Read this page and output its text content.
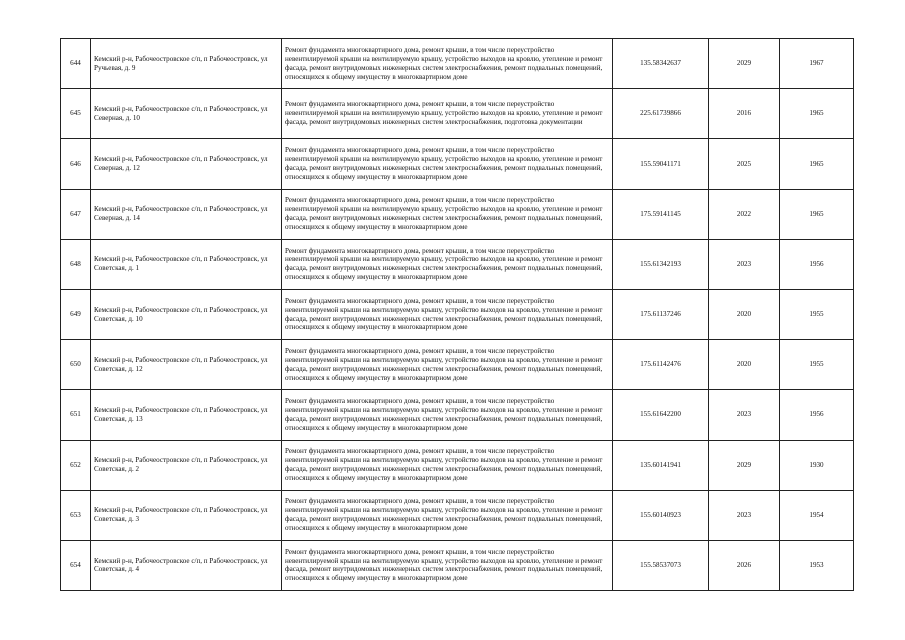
644	Кемский р-н, Рабочеостровское с/п, п Рабочеостровск, ул Ручьевая, д. 9	Ремонт фундамента многоквартирного дома, ремонт крыши, в том числе переустройство невентилируемой крыши на вентилируемую крышу, устройство выходов на кровлю, утепление и ремонт фасада, ремонт внутридомовых инженерных систем электроснабжения, ремонт подвальных помещений, относящихся к общему имуществу в многоквартирном доме	135.58342637	2029	1967
645	Кемский р-н, Рабочеостровское с/п, п Рабочеостровск, ул Северная, д. 10	Ремонт фундамента многоквартирного дома, ремонт крыши, в том числе переустройство невентилируемой крыши на вентилируемую крышу, устройство выходов на кровлю, утепление и ремонт фасада, ремонт внутридомовых инженерных систем электроснабжения, подготовка документации	225.61739866	2016	1965
646	Кемский р-н, Рабочеостровское с/п, п Рабочеостровск, ул Северная, д. 12	Ремонт фундамента многоквартирного дома, ремонт крыши, в том числе переустройство невентилируемой крыши на вентилируемую крышу, устройство выходов на кровлю, утепление и ремонт фасада, ремонт внутридомовых инженерных систем электроснабжения, ремонт подвальных помещений, относящихся к общему имуществу в многоквартирном доме	155.59041171	2025	1965
647	Кемский р-н, Рабочеостровское с/п, п Рабочеостровск, ул Северная, д. 14	Ремонт фундамента многоквартирного дома, ремонт крыши, в том числе переустройство невентилируемой крыши на вентилируемую крышу, устройство выходов на кровлю, утепление и ремонт фасада, ремонт внутридомовых инженерных систем электроснабжения, ремонт подвальных помещений, относящихся к общему имуществу в многоквартирном доме	175.59141145	2022	1965
648	Кемский р-н, Рабочеостровское с/п, п Рабочеостровск, ул Советская, д. 1	Ремонт фундамента многоквартирного дома, ремонт крыши, в том числе переустройство невентилируемой крыши на вентилируемую крышу, устройство выходов на кровлю, утепление и ремонт фасада, ремонт внутридомовых инженерных систем электроснабжения, ремонт подвальных помещений, относящихся к общему имуществу в многоквартирном доме	155.61342193	2023	1956
649	Кемский р-н, Рабочеостровское с/п, п Рабочеостровск, ул Советская, д. 10	Ремонт фундамента многоквартирного дома, ремонт крыши, в том числе переустройство невентилируемой крыши на вентилируемую крышу, устройство выходов на кровлю, утепление и ремонт фасада, ремонт внутридомовых инженерных систем электроснабжения, ремонт подвальных помещений, относящихся к общему имуществу в многоквартирном доме	175.61137246	2020	1955
650	Кемский р-н, Рабочеостровское с/п, п Рабочеостровск, ул Советская, д. 12	Ремонт фундамента многоквартирного дома, ремонт крыши, в том числе переустройство невентилируемой крыши на вентилируемую крышу, устройство выходов на кровлю, утепление и ремонт фасада, ремонт внутридомовых инженерных систем электроснабжения, ремонт подвальных помещений, относящихся к общему имуществу в многоквартирном доме	175.61142476	2020	1955
651	Кемский р-н, Рабочеостровское с/п, п Рабочеостровск, ул Советская, д. 13	Ремонт фундамента многоквартирного дома, ремонт крыши, в том числе переустройство невентилируемой крыши на вентилируемую крышу, устройство выходов на кровлю, утепление и ремонт фасада, ремонт внутридомовых инженерных систем электроснабжения, ремонт подвальных помещений, относящихся к общему имуществу в многоквартирном доме	155.61642200	2023	1956
652	Кемский р-н, Рабочеостровское с/п, п Рабочеостровск, ул Советская, д. 2	Ремонт фундамента многоквартирного дома, ремонт крыши, в том числе переустройство невентилируемой крыши на вентилируемую крышу, устройство выходов на кровлю, утепление и ремонт фасада, ремонт внутридомовых инженерных систем электроснабжения, ремонт подвальных помещений, относящихся к общему имуществу в многоквартирном доме	135.60141941	2029	1930
653	Кемский р-н, Рабочеостровское с/п, п Рабочеостровск, ул Советская, д. 3	Ремонт фундамента многоквартирного дома, ремонт крыши, в том числе переустройство невентилируемой крыши на вентилируемую крышу, устройство выходов на кровлю, утепление и ремонт фасада, ремонт внутридомовых инженерных систем электроснабжения, ремонт подвальных помещений, относящихся к общему имуществу в многоквартирном доме	155.60140923	2023	1954
654	Кемский р-н, Рабочеостровское с/п, п Рабочеостровск, ул Советская, д. 4	Ремонт фундамента многоквартирного дома, ремонт крыши, в том числе переустройство невентилируемой крыши на вентилируемую крышу, устройство выходов на кровлю, утепление и ремонт фасада, ремонт внутридомовых инженерных систем электроснабжения, ремонт подвальных помещений, относящихся к общему имуществу в многоквартирном доме	155.58537073	2026	1953
